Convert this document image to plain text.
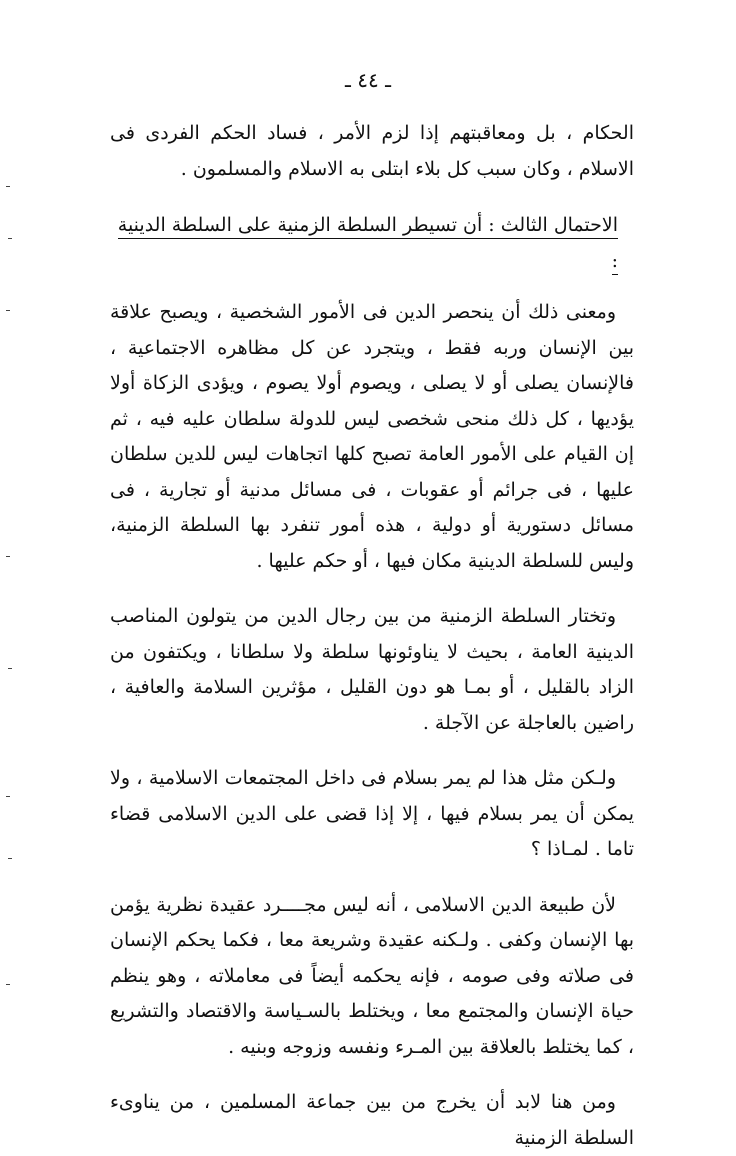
ـ ٤٤ ـ

الحكام ، بل ومعاقبتهم إذا لزم الأمر ، فساد الحكم الفردى فى الاسلام ، وكان سبب كل بلاء ابتلى به الاسلام والمسلمون .

الاحتمال الثالث : أن تسيطر السلطة الزمنية على السلطة الدينية :

ومعنى ذلك أن ينحصر الدين فى الأمور الشخصية ، ويصبح علاقة بين الإنسان وربه فقط ، ويتجرد عن كل مظاهره الاجتماعية ، فالإنسان يصلى أو لا يصلى ، ويصوم أولا يصوم ، ويؤدى الزكاة أولا يؤديها ، كل ذلك منحى شخصى ليس للدولة سلطان عليه فيه ، ثم إن القيام على الأمور العامة تصبح كلها اتجاهات ليس للدين سلطان عليها ، فى جرائم أو عقوبات ، فى مسائل مدنية أو تجارية ، فى مسائل دستورية أو دولية ، هذه أمور تنفرد بها السلطة الزمنية، وليس للسلطة الدينية مكان فيها ، أو حكم عليها .

وتختار السلطة الزمنية من بين رجال الدين من يتولون المناصب الدينية العامة ، بحيث لا يناوئونها سلطة ولا سلطانا ، ويكتفون من الزاد بالقليل ، أو بمـا هو دون القليل ، مؤثرين السلامة والعافية ، راضين بالعاجلة عن الآجلة .

ولـكن مثل هذا لم يمر بسلام فى داخل المجتمعات الاسلامية ، ولا يمكن أن يمر بسلام فيها ، إلا إذا قضى على الدين الاسلامى قضاء تاما . لمـاذا ؟

لأن طبيعة الدين الاسلامى ، أنه ليس مجــــرد عقيدة نظرية يؤمن بها الإنسان وكفى . ولـكنه عقيدة وشريعة معا ، فكما يحكم الإنسان فى صلاته وفى صومه ، فإنه يحكمه أيضاً فى معاملاته ، وهو ينظم حياة الإنسان والمجتمع معا ، ويختلط بالسـياسة والاقتصاد والتشريع ، كما يختلط بالعلاقة بين المـرء ونفسه وزوجه وبنيه .

ومن هنا لابد أن يخرج من بين جماعة المسلمين ، من يناوىء السلطة الزمنية
